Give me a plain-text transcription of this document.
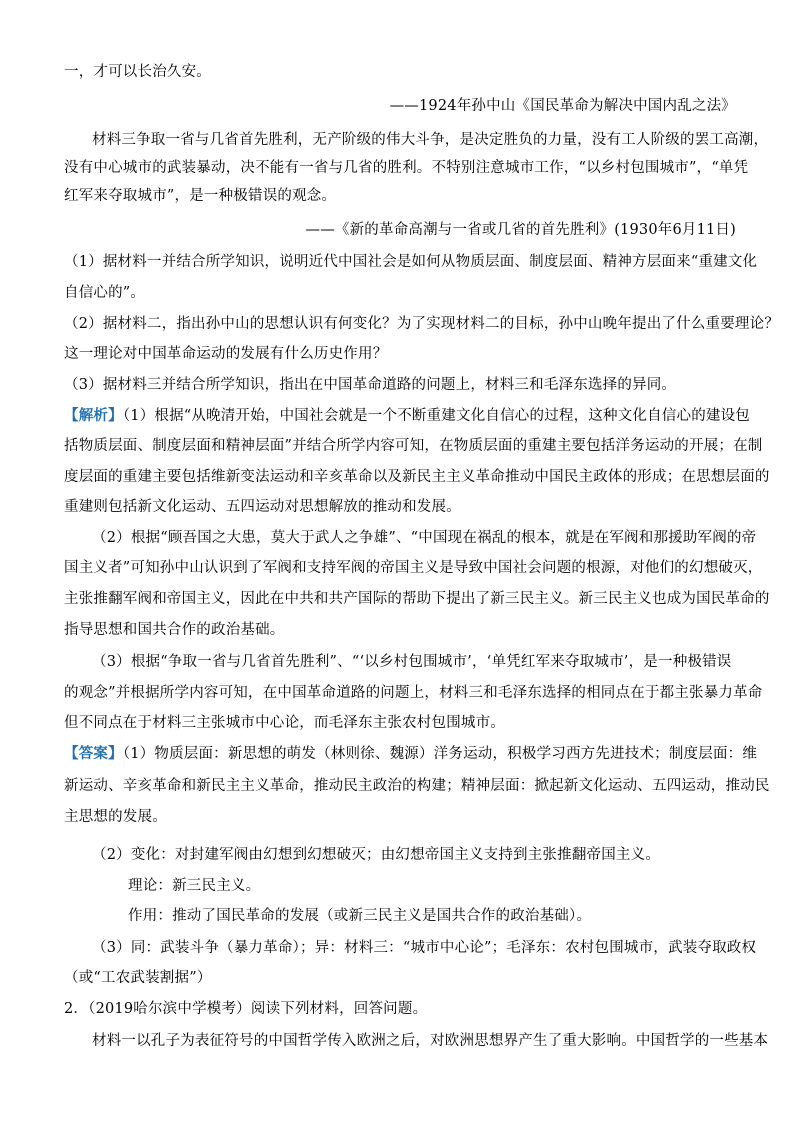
一，才可以长治久安。
——1924年孙中山《国民革命为解决中国内乱之法》
材料三争取一省与几省首先胜利，无产阶级的伟大斗争，是决定胜负的力量，没有工人阶级的罢工高潮，
没有中心城市的武装暴动，决不能有一省与几省的胜利。不特别注意城市工作，“以乡村包围城市”，“单凭
红军来夺取城市”，是一种极错误的观念。
——《新的革命高潮与一省或几省的首先胜利》(1930年6月11日)
（1）据材料一并结合所学知识，说明近代中国社会是如何从物质层面、制度层面、精神方层面来“重建文化
自信心的”。
（2）据材料二，指出孙中山的思想认识有何变化？为了实现材料二的目标，孙中山晚年提出了什么重要理论？
这一理论对中国革命运动的发展有什么历史作用？
（3）据材料三并结合所学知识，指出在中国革命道路的问题上，材料三和毛泽东选择的异同。
【解析】（1）根据“从晚清开始，中国社会就是一个不断重建文化自信心的过程，这种文化自信心的建设包
括物质层面、制度层面和精神层面”并结合所学内容可知，在物质层面的重建主要包括洋务运动的开展；在制
度层面的重建主要包括维新变法运动和辛亥革命以及新民主主义革命推动中国民主政体的形成；在思想层面的
重建则包括新文化运动、五四运动对思想解放的推动和发展。
（2）根据“顾吾国之大患，莫大于武人之争雄”、“中国现在祸乱的根本，就是在军阀和那援助军阀的帝
国主义者”可知孙中山认识到了军阀和支持军阀的帝国主义是导致中国社会问题的根源，对他们的幻想破灭，
主张推翻军阀和帝国主义，因此在中共和共产国际的帮助下提出了新三民主义。新三民主义也成为国民革命的
指导思想和国共合作的政治基础。
（3）根据“争取一省与几省首先胜利”、“‘以乡村包围城市’，‘单凭红军来夺取城市’，是一种极错误
的观念”并根据所学内容可知，在中国革命道路的问题上，材料三和毛泽东选择的相同点在于都主张暴力革命
但不同点在于材料三主张城市中心论，而毛泽东主张农村包围城市。
【答案】（1）物质层面：新思想的萌发（林则徐、魏源）洋务运动，积极学习西方先进技术；制度层面：维
新运动、辛亥革命和新民主主义革命，推动民主政治的构建；精神层面：掀起新文化运动、五四运动，推动民
主思想的发展。
（2）变化：对封建军阀由幻想到幻想破灭；由幻想帝国主义支持到主张推翻帝国主义。
理论：新三民主义。
作用：推动了国民革命的发展（或新三民主义是国共合作的政治基础）。
（3）同：武装斗争（暴力革命）；异：材料三：“城市中心论”；毛泽东：农村包围城市，武装夺取政权
（或“工农武装割据”）
2．（2019哈尔滨中学模考）阅读下列材料，回答问题。
材料一以孔子为表征符号的中国哲学传入欧洲之后，对欧洲思想界产生了重大影响。中国哲学的一些基本
